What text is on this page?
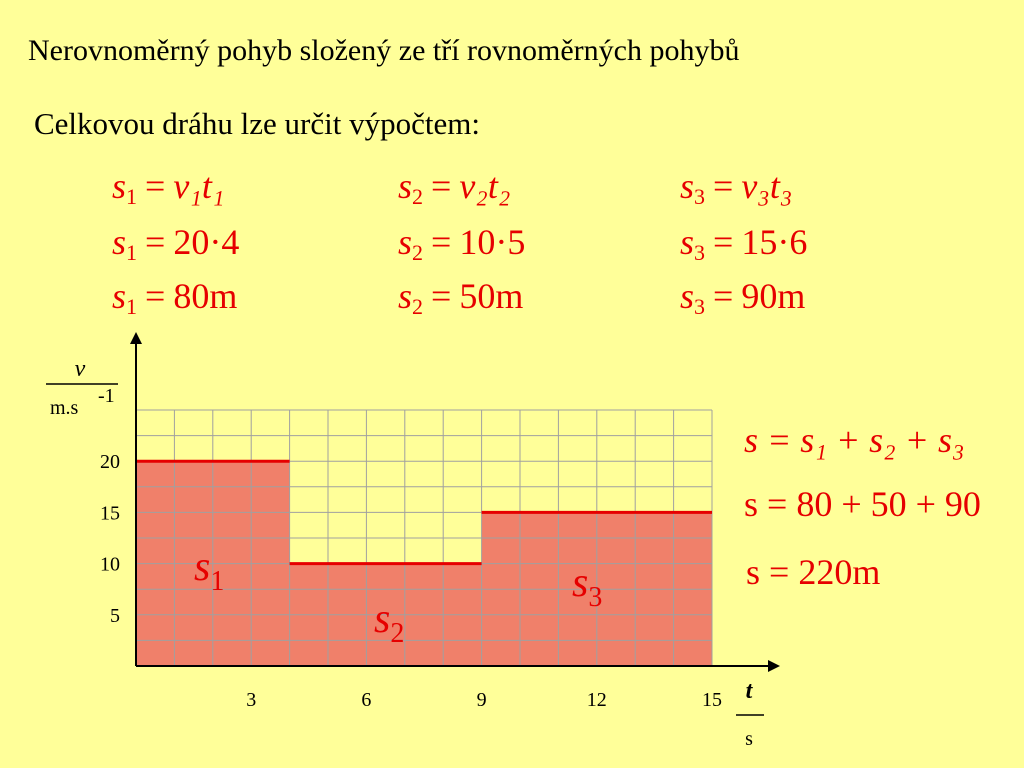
Nerovnoměrný pohyb složený ze tří rovnoměrných pohybů
Celkovou dráhu lze určit výpočtem:
$s_1 = v_1t_1$
$s_1 = 20\cdot 4$
$s_1 = 80m$
$s_2 = v_2t_2$
$s_2 = 10\cdot 5$
$s_2 = 50m$
$s_3 = v_3t_3$
$s_3 = 15\cdot 6$
$s_3 = 90m$
s = s₁ + s₂ + s₃
s = 80 + 50 + 90
s = 220m
3	6	9	12	15
5
10
15
20
v
m.s
-1
t
s
s1
s2
s3
